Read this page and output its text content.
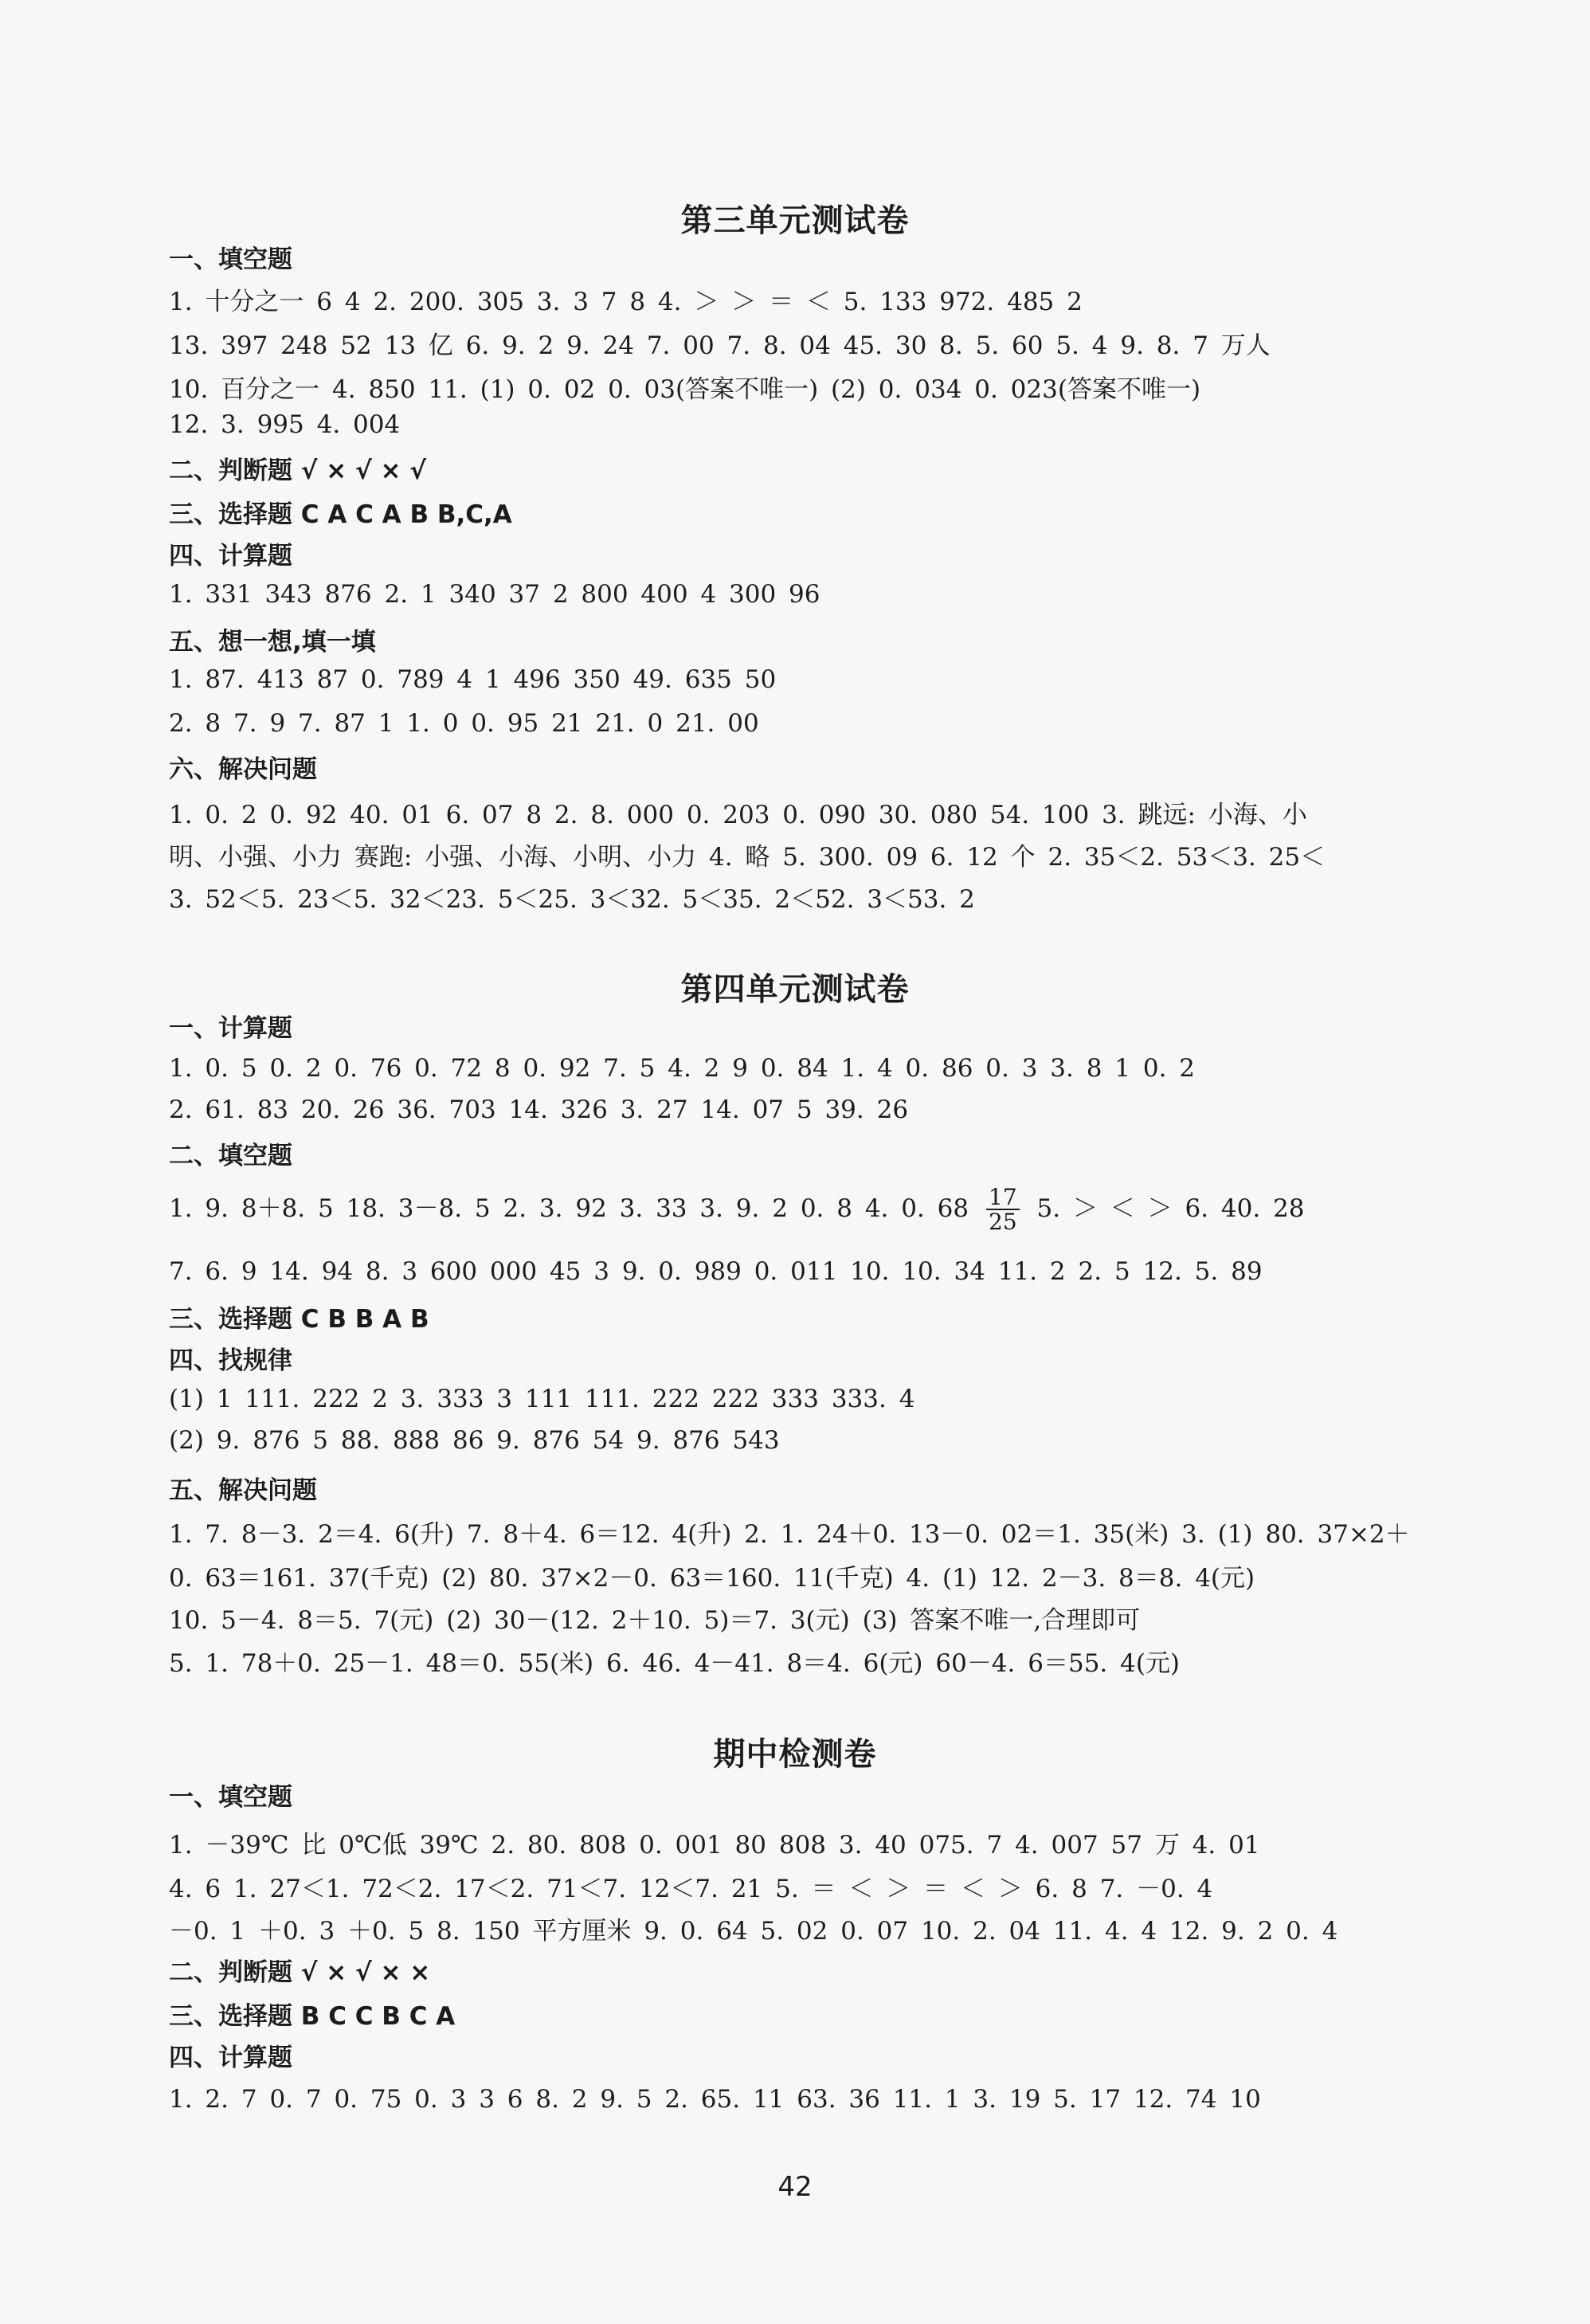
第三单元测试卷
一、填空题
1. 十分之一 6 4 2. 200. 305 3. 3 7 8 4. ＞ ＞ ＝ ＜ 5. 133 972. 485 2
13. 397 248 52 13 亿 6. 9. 2 9. 24 7. 00 7. 8. 04 45. 30 8. 5. 60 5. 4 9. 8. 7 万人
10. 百分之一 4. 850 11. (1) 0. 02 0. 03(答案不唯一) (2) 0. 034 0. 023(答案不唯一)
12. 3. 995 4. 004
二、判断题 √ × √ × √
三、选择题 C A C A B B,C,A
四、计算题
1. 331 343 876 2. 1 340 37 2 800 400 4 300 96
五、想一想,填一填
1. 87. 413 87 0. 789 4 1 496 350 49. 635 50
2. 8 7. 9 7. 87 1 1. 0 0. 95 21 21. 0 21. 00
六、解决问题
1. 0. 2 0. 92 40. 01 6. 07 8 2. 8. 000 0. 203 0. 090 30. 080 54. 100 3. 跳远: 小海、小
明、小强、小力 赛跑: 小强、小海、小明、小力 4. 略 5. 300. 09 6. 12 个 2. 35＜2. 53＜3. 25＜
3. 52＜5. 23＜5. 32＜23. 5＜25. 3＜32. 5＜35. 2＜52. 3＜53. 2
第四单元测试卷
一、计算题
1. 0. 5 0. 2 0. 76 0. 72 8 0. 92 7. 5 4. 2 9 0. 84 1. 4 0. 86 0. 3 3. 8 1 0. 2
2. 61. 83 20. 26 36. 703 14. 326 3. 27 14. 07 5 39. 26
二、填空题
1. 9. 8＋8. 5 18. 3－8. 5 2. 3. 92 3. 33 3. 9. 2 0. 8 4. 0. $68 \frac{17}{25} 5$. ＞ ＜ ＞ 6. 40. 28
7. 6. 9 14. 94 8. 3 600 000 45 3 9. 0. 989 0. 011 10. 10. 34 11. 2 2. 5 12. 5. 89
三、选择题 C B B A B
四、找规律
(1) 1 111. 222 2 3. 333 3 111 111. 222 222 333 333. 4
(2) 9. 876 5 88. 888 86 9. 876 54 9. 876 543
五、解决问题
1. 7. 8－3. 2＝4. 6(升) 7. 8＋4. 6＝12. 4(升) 2. 1. 24＋0. 13－0. 02＝1. 35(米) 3. (1) 80. 37×2＋
0. 63＝161. 37(千克) (2) 80. 37×2－0. 63＝160. 11(千克) 4. (1) 12. 2－3. 8＝8. 4(元)
10. 5－4. 8＝5. 7(元) (2) 30－(12. 2＋10. 5)＝7. 3(元) (3) 答案不唯一,合理即可
5. 1. 78＋0. 25－1. 48＝0. 55(米) 6. 46. 4－41. 8＝4. 6(元) 60－4. 6＝55. 4(元)
期中检测卷
一、填空题
1. －39℃ 比 0℃低 39℃ 2. 80. 808 0. 001 80 808 3. 40 075. 7 4. 007 57 万 4. 01
4. 6 1. 27＜1. 72＜2. 17＜2. 71＜7. 12＜7. 21 5. ＝ ＜ ＞ ＝ ＜ ＞ 6. 8 7. －0. 4
－0. 1 ＋0. 3 ＋0. 5 8. 150 平方厘米 9. 0. 64 5. 02 0. 07 10. 2. 04 11. 4. 4 12. 9. 2 0. 4
二、判断题 √ × √ × ×
三、选择题 B C C B C A
四、计算题
1. 2. 7 0. 7 0. 75 0. 3 3 6 8. 2 9. 5 2. 65. 11 63. 36 11. 1 3. 19 5. 17 12. 74 10
42
